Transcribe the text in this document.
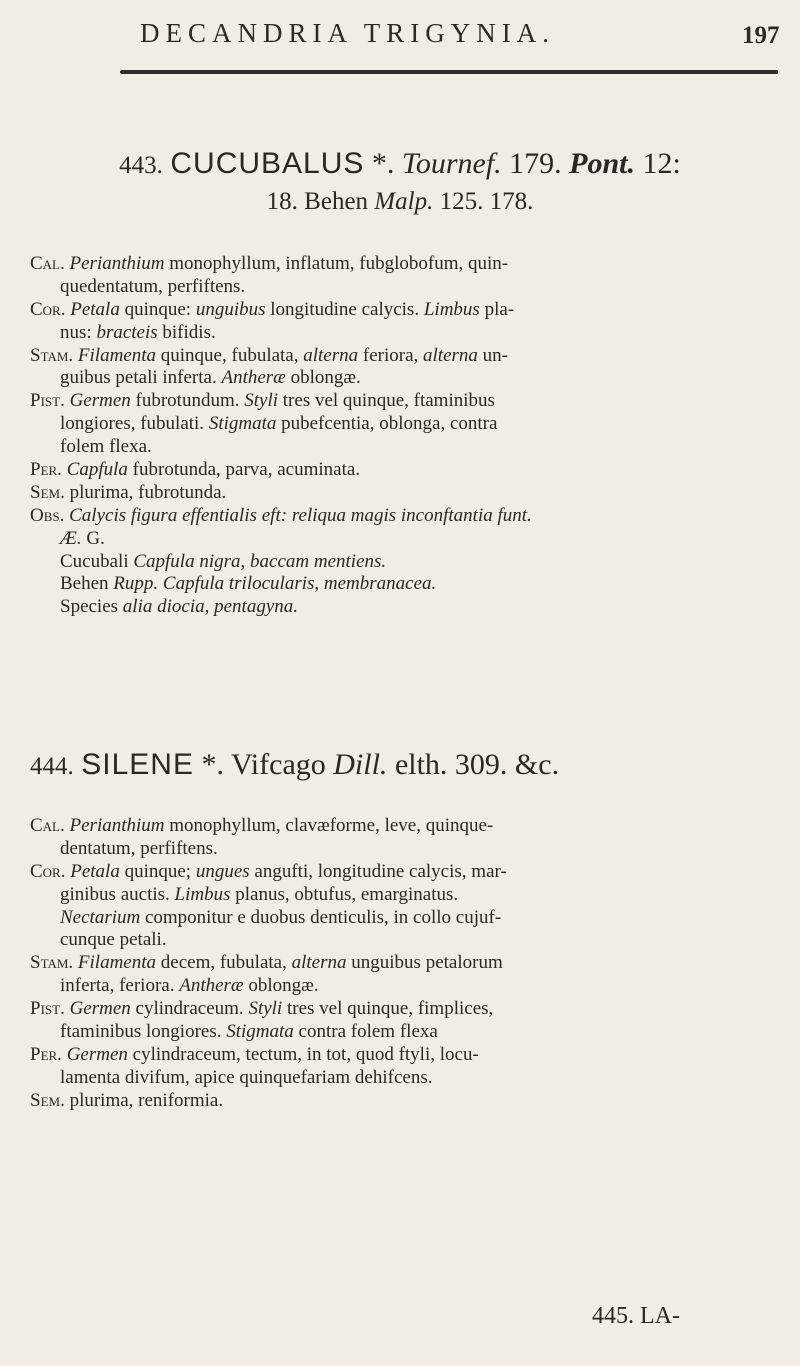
DECANDRIA TRIGYNIA.	197
443. CUCUBALUS *. Tournef. 179. Pont. 12:
18. Behen Malp. 125. 178.
Cal. Perianthium monophyllum, inflatum, fubglobofum, quin-
quedentatum, perfiftens.
Cor. Petala quinque: unguibus longitudine calycis. Limbus pla-
nus: bracteis bifidis.
Stam. Filamenta quinque, fubulata, alterna feriora, alterna un-
guibus petali inferta. Antheræ oblongæ.
Pist. Germen fubrotundum. Styli tres vel quinque, ftaminibus
longiores, fubulati. Stigmata pubefcentia, oblonga, contra
folem flexa.
Per. Capfula fubrotunda, parva, acuminata.
Sem. plurima, fubrotunda.
Obs. Calycis figura effentialis eft: reliqua magis inconftantia funt.
Æ. G.
Cucubali Capfula nigra, baccam mentiens.
Behen Rupp. Capfula trilocularis, membranacea.
Species alia diocia, pentagyna.
444. SILENE *. Vifcago Dill. elth. 309. &c.
Cal. Perianthium monophyllum, clavæforme, leve, quinque-
dentatum, perfiftens.
Cor. Petala quinque; ungues angufti, longitudine calycis, mar-
ginibus auctis. Limbus planus, obtufus, emarginatus.
Nectarium componitur e duobus denticulis, in collo cujuf-
cunque petali.
Stam. Filamenta decem, fubulata, alterna unguibus petalorum
inferta, feriora. Antheræ oblongæ.
Pist. Germen cylindraceum. Styli tres vel quinque, fimplices,
ftaminibus longiores. Stigmata contra folem flexa
Per. Germen cylindraceum, tectum, in tot, quod ftyli, locu-
lamenta divifum, apice quinquefariam dehifcens.
Sem. plurima, reniformia.
445. LA-
